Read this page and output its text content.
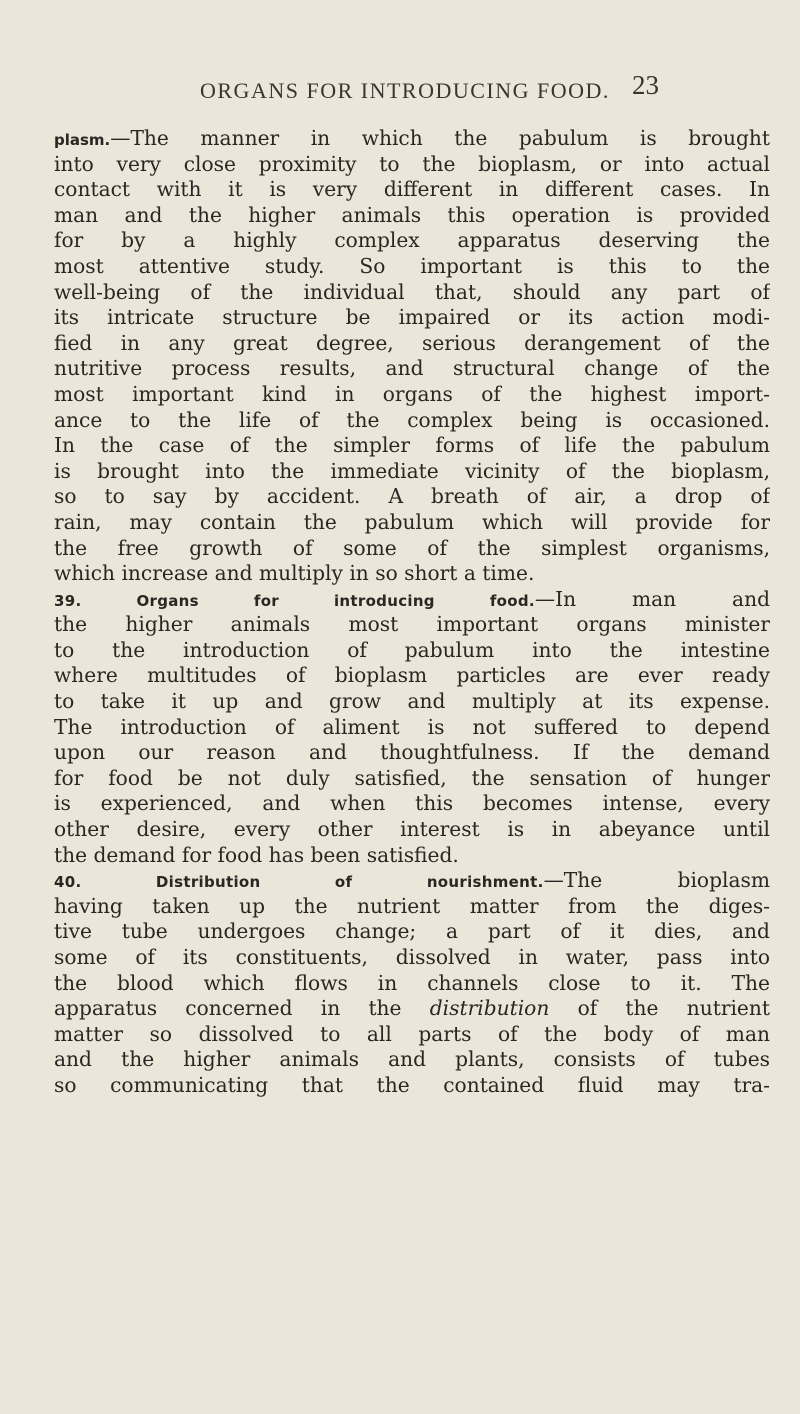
ORGANS FOR INTRODUCING FOOD. 23
plasm.—The manner in which the pabulum is brought
into very close proximity to the bioplasm, or into actual
contact with it is very different in different cases. In
man and the higher animals this operation is provided
for by a highly complex apparatus deserving the
most attentive study. So important is this to the
well-being of the individual that, should any part of
its intricate structure be impaired or its action modi-
fied in any great degree, serious derangement of the
nutritive process results, and structural change of the
most important kind in organs of the highest import-
ance to the life of the complex being is occasioned.
In the case of the simpler forms of life the pabulum
is brought into the immediate vicinity of the bioplasm,
so to say by accident. A breath of air, a drop of
rain, may contain the pabulum which will provide for
the free growth of some of the simplest organisms,
which increase and multiply in so short a time.
39. Organs for introducing food.—In man and
the higher animals most important organs minister
to the introduction of pabulum into the intestine
where multitudes of bioplasm particles are ever ready
to take it up and grow and multiply at its expense.
The introduction of aliment is not suffered to depend
upon our reason and thoughtfulness. If the demand
for food be not duly satisfied, the sensation of hunger
is experienced, and when this becomes intense, every
other desire, every other interest is in abeyance until
the demand for food has been satisfied.
40. Distribution of nourishment.—The bioplasm
having taken up the nutrient matter from the diges-
tive tube undergoes change; a part of it dies, and
some of its constituents, dissolved in water, pass into
the blood which flows in channels close to it. The
apparatus concerned in the distribution of the nutrient
matter so dissolved to all parts of the body of man
and the higher animals and plants, consists of tubes
so communicating that the contained fluid may tra-
